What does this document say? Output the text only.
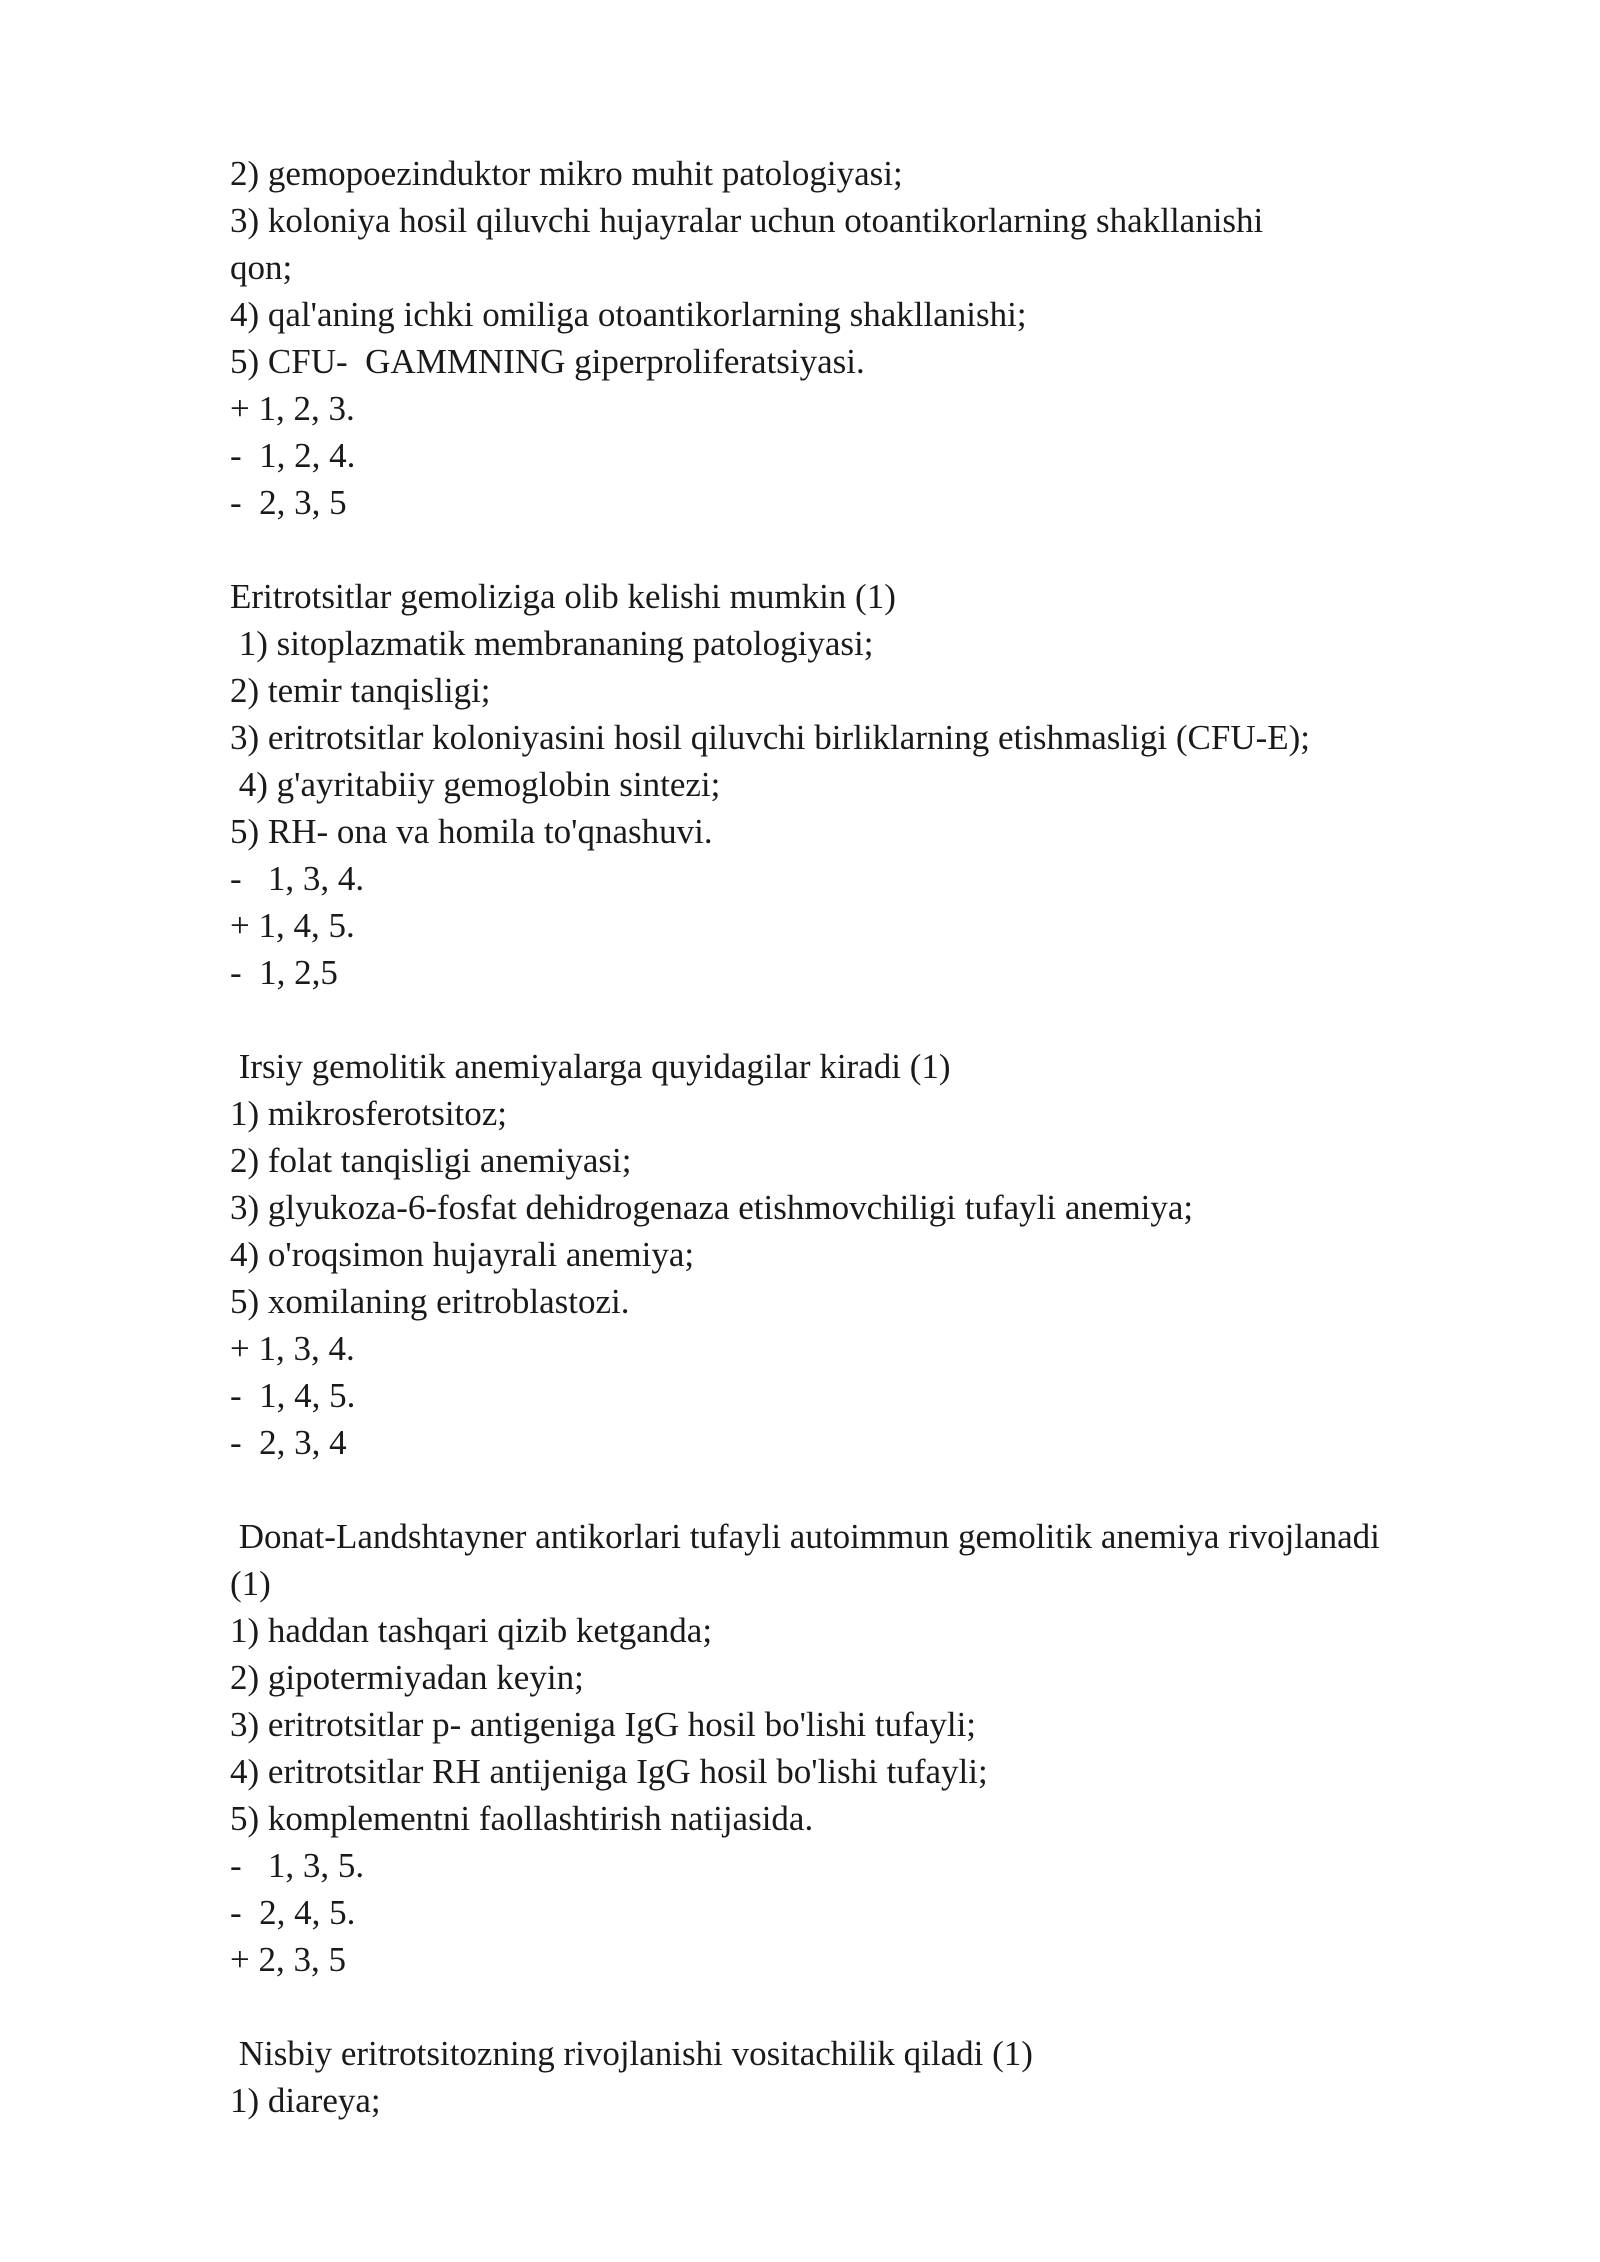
2) gemopoezinduktor mikro muhit patologiyasi;
3) koloniya hosil qiluvchi hujayralar uchun otoantikorlarning shakllanishi
qon;
4) qal'aning ichki omiliga otoantikorlarning shakllanishi;
5) CFU-  GAMMNING giperproliferatsiyasi.
+ 1, 2, 3.
-  1, 2, 4.
-  2, 3, 5
Eritrotsitlar gemoliziga olib kelishi mumkin (1)
1) sitoplazmatik membrananing patologiyasi;
2) temir tanqisligi;
3) eritrotsitlar koloniyasini hosil qiluvchi birliklarning etishmasligi (CFU-E);
4) g'ayritabiiy gemoglobin sintezi;
5) RH- ona va homila to'qnashuvi.
-   1, 3, 4.
+ 1, 4, 5.
-  1, 2,5
Irsiy gemolitik anemiyalarga quyidagilar kiradi (1)
1) mikrosferotsitoz;
2) folat tanqisligi anemiyasi;
3) glyukoza-6-fosfat dehidrogenaza etishmovchiligi tufayli anemiya;
4) o'roqsimon hujayrali anemiya;
5) xomilaning eritroblastozi.
+ 1, 3, 4.
-  1, 4, 5.
-  2, 3, 4
Donat-Landshtayner antikorlari tufayli autoimmun gemolitik anemiya rivojlanadi
(1)
1) haddan tashqari qizib ketganda;
2) gipotermiyadan keyin;
3) eritrotsitlar p- antigeniga IgG hosil bo'lishi tufayli;
4) eritrotsitlar RH antijeniga IgG hosil bo'lishi tufayli;
5) komplementni faollashtirish natijasida.
-   1, 3, 5.
-  2, 4, 5.
+ 2, 3, 5
Nisbiy eritrotsitozning rivojlanishi vositachilik qiladi (1)
1) diareya;
